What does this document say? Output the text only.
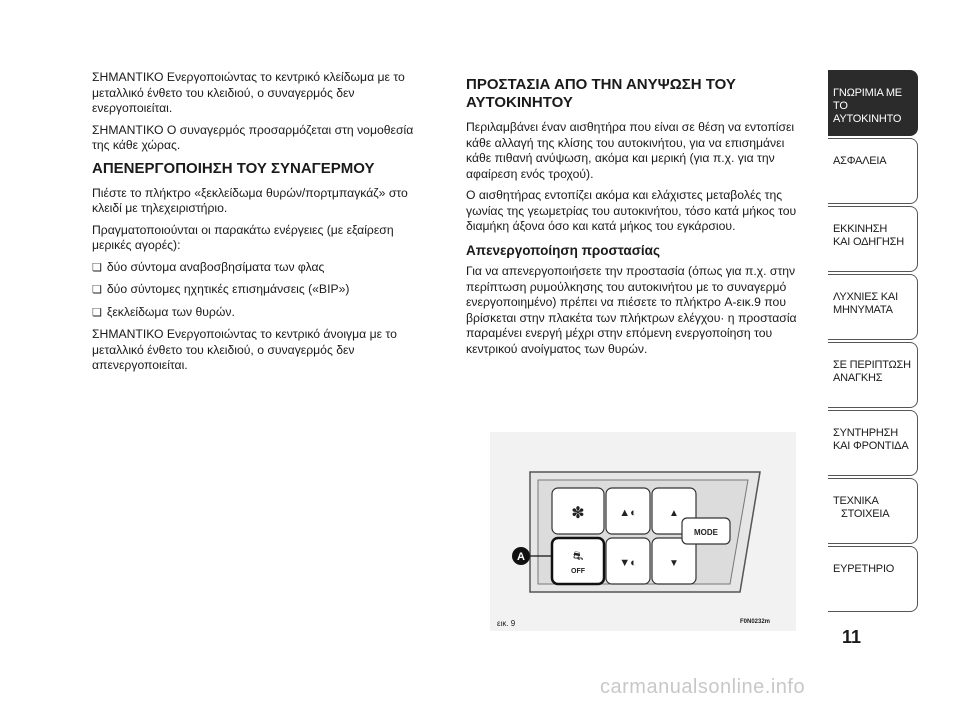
ΣΗΜΑΝΤΙΚΟ Ενεργοποιώντας το κεντρικό κλείδωμα με το μεταλλικό ένθετο του κλειδιού, ο συναγερμός δεν ενεργοποιείται.

ΣΗΜΑΝΤΙΚΟ Ο συναγερμός προσαρμόζεται στη νομοθεσία της κάθε χώρας.

ΑΠΕΝΕΡΓΟΠΟΙΗΣΗ ΤΟΥ ΣΥΝΑΓΕΡΜΟΥ

Πιέστε το πλήκτρο «ξεκλείδωμα θυρών/πορτμπαγκάζ» στο κλειδί με τηλεχειριστήριο.

Πραγματοποιούνται οι παρακάτω ενέργειες (με εξαίρεση μερικές αγορές):

❏ δύο σύντομα αναβοσβησίματα των φλας

❏ δύο σύντομες ηχητικές επισημάνσεις («BIP»)

❏ ξεκλείδωμα των θυρών.

ΣΗΜΑΝΤΙΚΟ Ενεργοποιώντας το κεντρικό άνοιγμα με το μεταλλικό ένθετο του κλειδιού, ο συναγερμός δεν απενεργοποιείται.

ΠΡΟΣΤΑΣΙΑ ΑΠΟ ΤΗΝ ΑΝΥΨΩΣΗ ΤΟΥ ΑΥΤΟΚΙΝΗΤΟΥ

Περιλαμβάνει έναν αισθητήρα που είναι σε θέση να εντοπίσει κάθε αλλαγή της κλίσης του αυτοκινήτου, για να επισημάνει κάθε πιθανή ανύψωση, ακόμα και μερική (για π.χ. για την αφαίρεση ενός τροχού).

Ο αισθητήρας εντοπίζει ακόμα και ελάχιστες μεταβολές της γωνίας της γεωμετρίας του αυτοκινήτου, τόσο κατά μήκος του διαμήκη άξονα όσο και κατά μήκος του εγκάρσιου.

Απενεργοποίηση προστασίας

Για να απενεργοποιήσετε την προστασία (όπως για π.χ. στην περίπτωση ρυμούλκησης του αυτοκινήτου με το συναγερμό ενεργοποιημένο) πρέπει να πιέσετε το πλήκτρο A-εικ.9 που βρίσκεται στην πλακέτα των πλήκτρων ελέγχου· η προστασία παραμένει ενεργή μέχρι στην επόμενη ενεργοποίηση του κεντρικού ανοίγματος των θυρών.

✽	▲◐	▲
⛐
OFF
▼◐	▼
MODE
A
εικ. 9	F0N0232m
ΓΝΩΡΙΜΙΑ ΜΕ
ΤΟ ΑΥΤΟΚΙΝΗΤΟ
ΑΣΦΑΛΕΙΑ
ΕΚΚΙΝΗΣΗ
ΚΑΙ ΟΔΗΓΗΣΗ
ΛΥΧΝΙΕΣ ΚΑΙ
ΜΗΝΥΜΑΤΑ
ΣΕ ΠΕΡΙΠΤΩΣΗ
ΑΝΑΓΚΗΣ
ΣΥΝΤΗΡΗΣΗ
ΚΑΙ ΦΡΟΝΤΙΔΑ
ΤΕΧΝΙΚΑ
ΣΤΟΙΧΕΙΑ
ΕΥΡΕΤΗΡΙΟ
11
carmanualsonline.info
